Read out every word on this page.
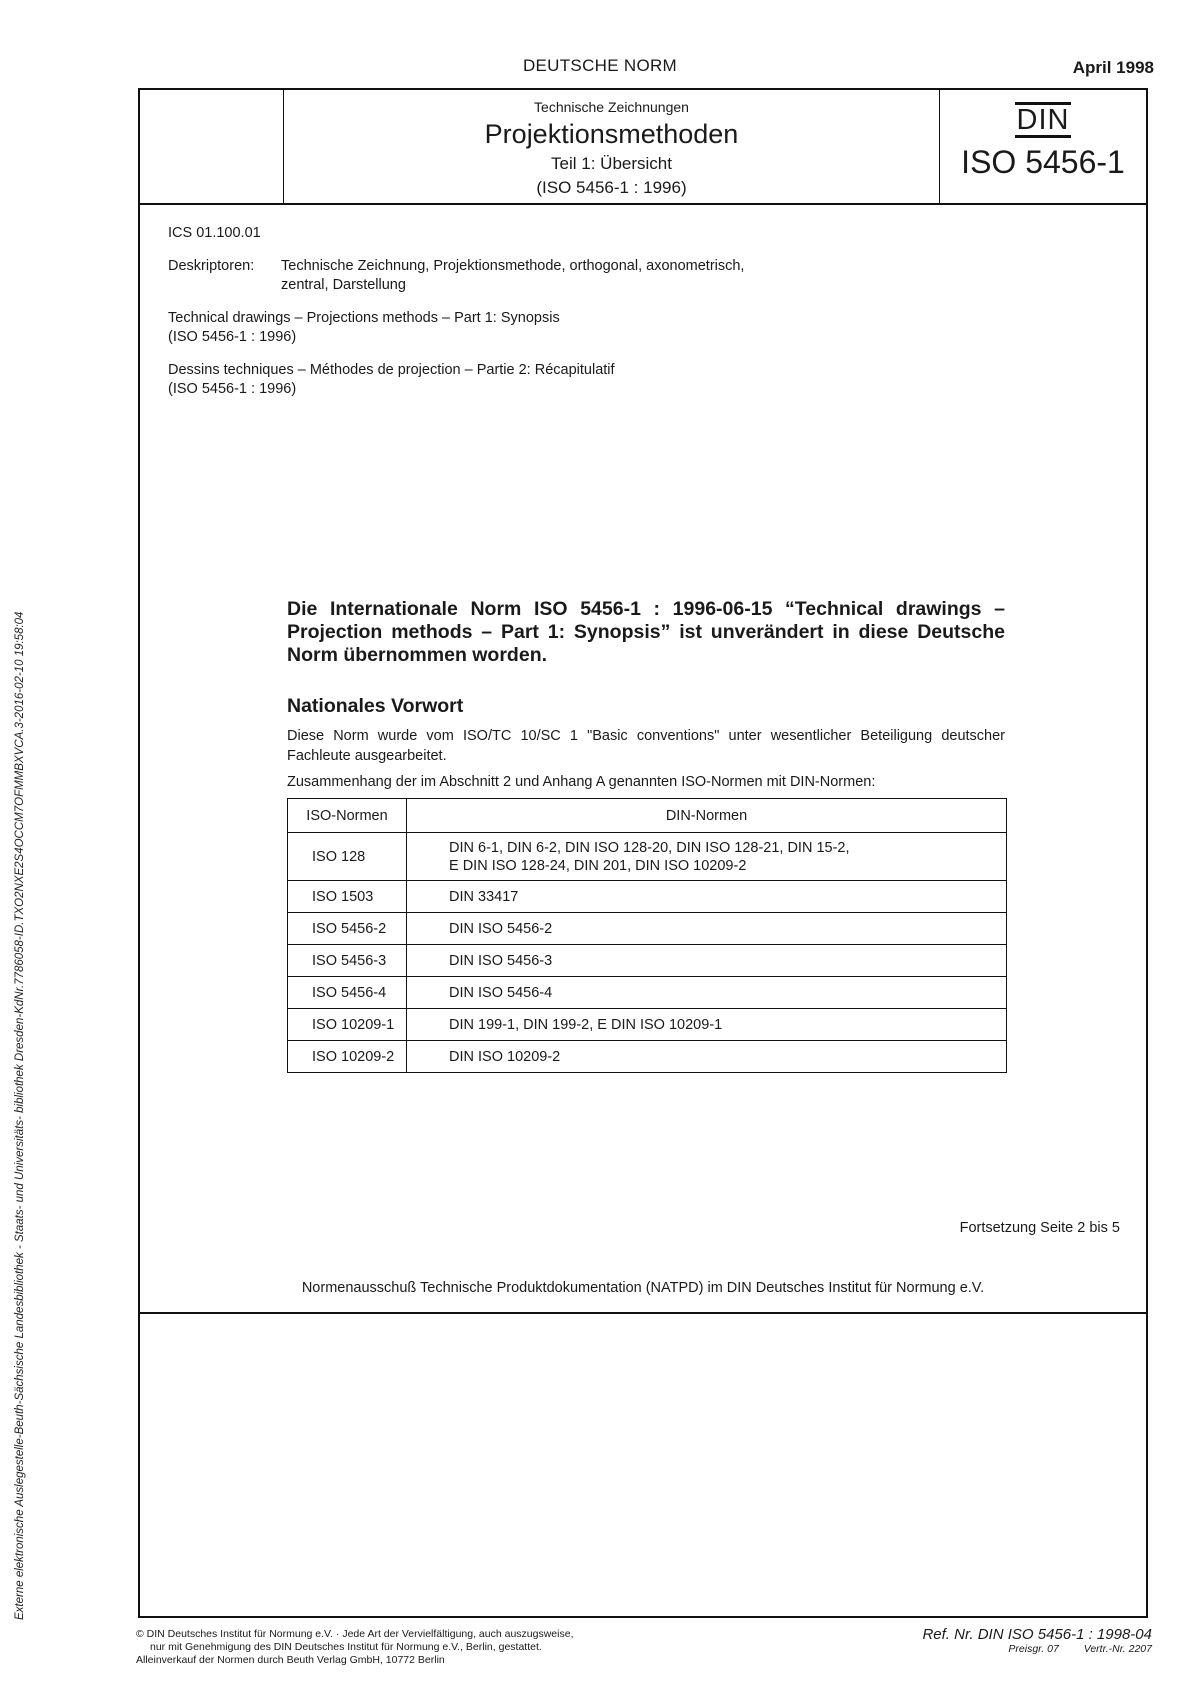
Externe elektronische Auslegestelle-Beuth-Sächsische Landesbibliothek - Staats- und Universitäts- bibliothek Dresden-KdNr.7786058-ID.TXO2NXE2S4OCCM7OFMMBXVCA.3-2016-02-10 19:58:04
DEUTSCHE NORM	April 1998
Technische Zeichnungen
Projektionsmethoden
Teil 1: Übersicht
(ISO 5456-1 : 1996)
DIN
ISO 5456-1
ICS 01.100.01
Deskriptoren:	Technische Zeichnung, Projektionsmethode, orthogonal, axonometrisch,
zentral, Darstellung
Technical drawings – Projections methods – Part 1: Synopsis
(ISO 5456-1 : 1996)
Dessins techniques – Méthodes de projection – Partie 2: Récapitulatif
(ISO 5456-1 : 1996)
Die Internationale Norm ISO 5456-1 : 1996-06-15 “Technical drawings – Projection methods – Part 1: Synopsis” ist unverändert in diese Deutsche Norm übernommen worden.
Nationales Vorwort
Diese Norm wurde vom ISO/TC 10/SC 1 "Basic conventions" unter wesentlicher Beteiligung deutscher Fachleute ausgearbeitet.
Zusammenhang der im Abschnitt 2 und Anhang A genannten ISO-Normen mit DIN-Normen:
ISO-Normen	DIN-Normen
ISO 128	DIN 6-1, DIN 6-2, DIN ISO 128-20, DIN ISO 128-21, DIN 15-2,
E DIN ISO 128-24, DIN 201, DIN ISO 10209-2

ISO 1503	DIN 33417
ISO 5456-2	DIN ISO 5456-2
ISO 5456-3	DIN ISO 5456-3
ISO 5456-4	DIN ISO 5456-4
ISO 10209-1	DIN 199-1, DIN 199-2, E DIN ISO 10209-1
ISO 10209-2	DIN ISO 10209-2
Fortsetzung Seite 2 bis 5
Normenausschuß Technische Produktdokumentation (NATPD) im DIN Deutsches Institut für Normung e.V.
© DIN Deutsches Institut für Normung e.V. · Jede Art der Vervielfältigung, auch auszugsweise,
nur mit Genehmigung des DIN Deutsches Institut für Normung e.V., Berlin, gestattet.
Alleinverkauf der Normen durch Beuth Verlag GmbH, 10772 Berlin
Ref. Nr. DIN ISO 5456-1 : 1998-04
Preisgr. 07 Vertr.-Nr. 2207
